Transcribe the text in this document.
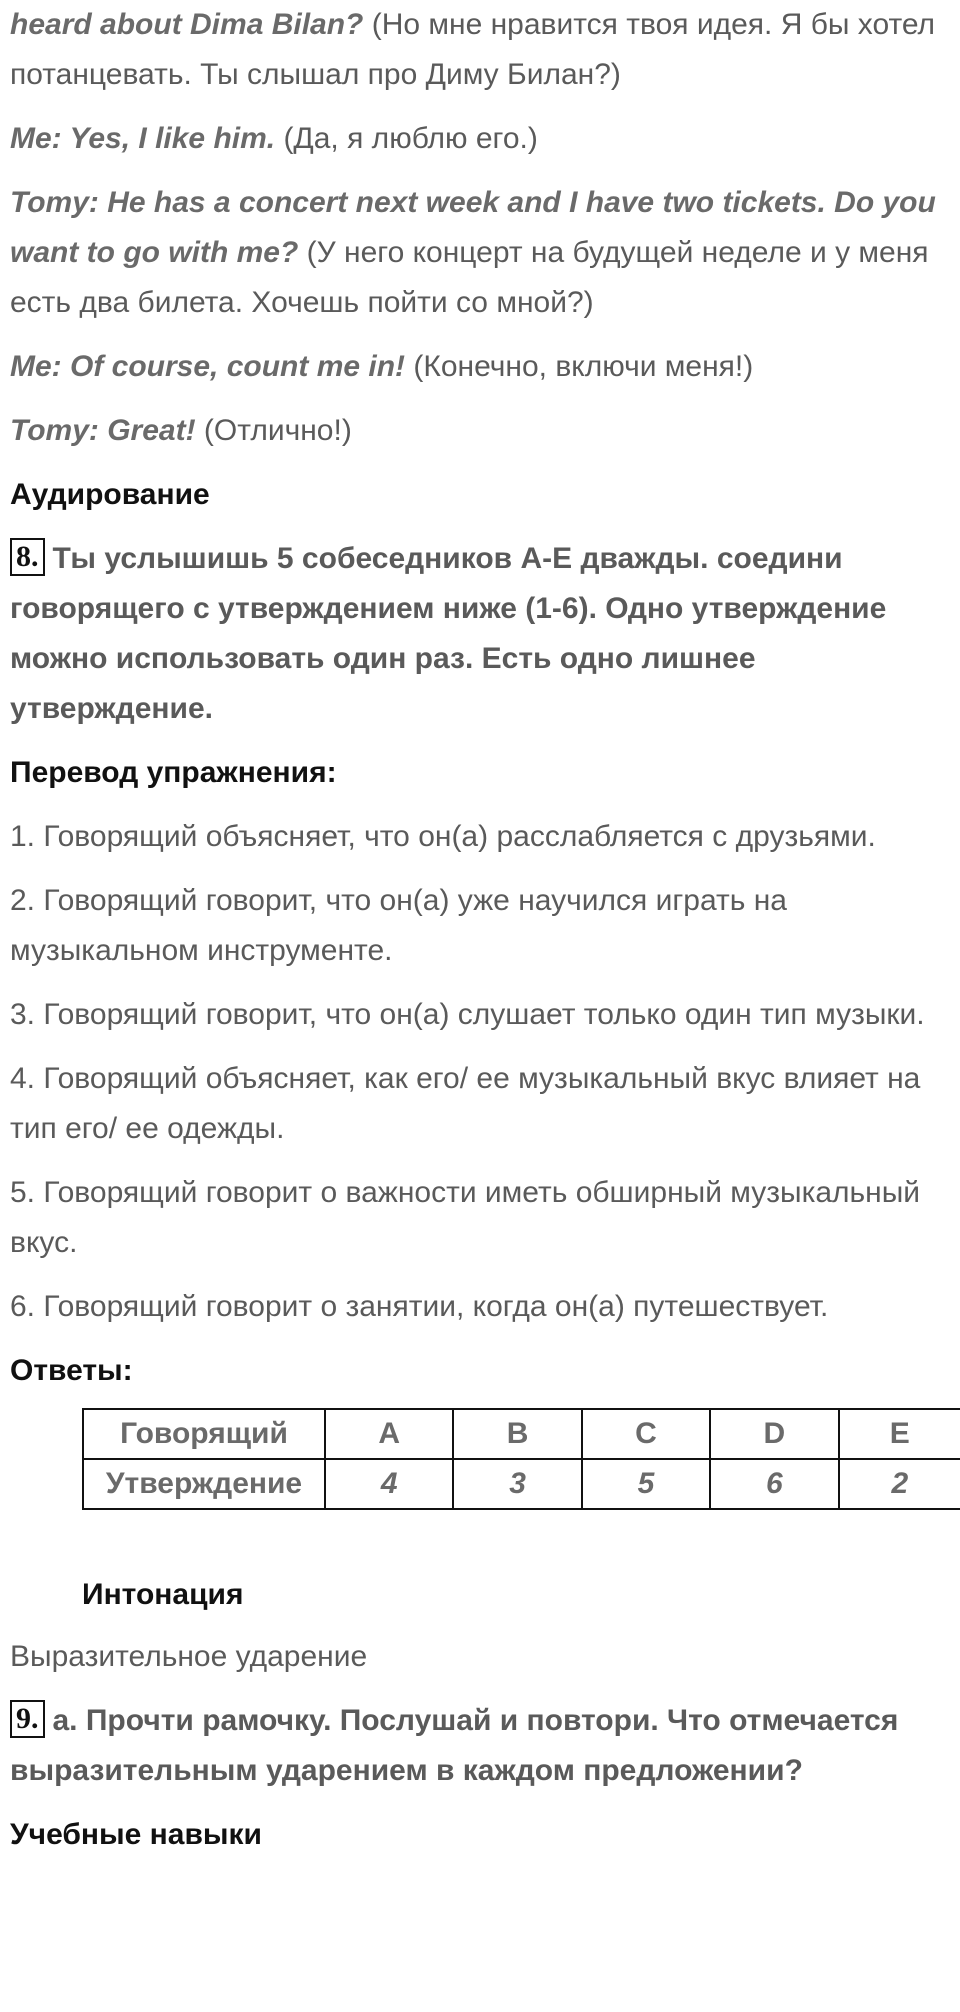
heard about Dima Bilan? (Но мне нравится твоя идея. Я бы хотел потанцевать. Ты слышал про Диму Билан?)

Me: Yes, I like him. (Да, я люблю его.)

Tomy: He has a concert next week and I have two tickets. Do you want to go with me? (У него концерт на будущей неделе и у меня есть два билета. Хочешь пойти со мной?)

Me: Of course, count me in! (Конечно, включи меня!)

Tomy: Great! (Отлично!)

Аудирование

8. Ты услышишь 5 собеседников А-Е дважды. соедини говорящего с утверждением ниже (1-6). Одно утверждение можно использовать один раз. Есть одно лишнее утверждение.

Перевод упражнения:

1. Говорящий объясняет, что он(а) расслабляется с друзьями.

2. Говорящий говорит, что он(а) уже научился играть на музыкальном инструменте.

3. Говорящий говорит, что он(а) слушает только один тип музыки.

4. Говорящий объясняет, как его/ ее музыкальный вкус влияет на тип его/ ее одежды.

5. Говорящий говорит о важности иметь обширный музыкальный вкус.

6. Говорящий говорит о занятии, когда он(а) путешествует.

Ответы:

Говорящий	A	B	C	D	E
Утверждение	4	3	5	6	2

Интонация

Выразительное ударение

9. a. Прочти рамочку. Послушай и повтори. Что отмечается выразительным ударением в каждом предложении?

Учебные навыки
